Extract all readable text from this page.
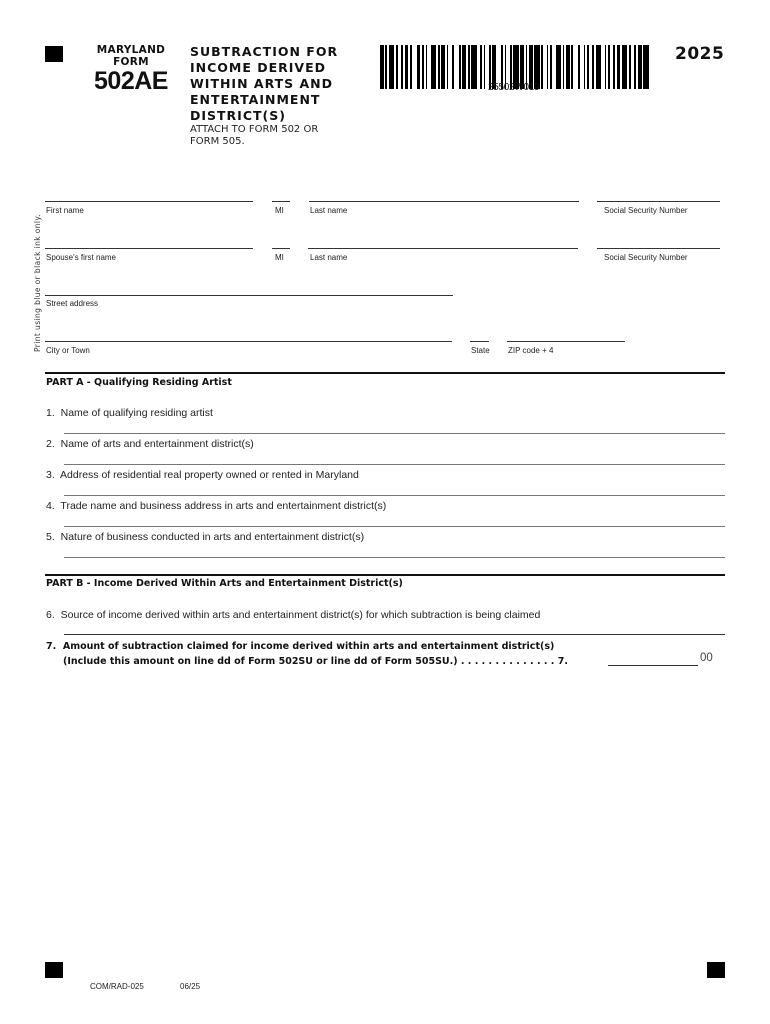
MARYLAND
FORM
502AE
SUBTRACTION FOR
INCOME DERIVED
WITHIN ARTS AND
ENTERTAINMENT
DISTRICT(S)
ATTACH TO FORM 502 OR
FORM 505.
25502W019
2025
Print using blue or black ink only.
First name	MI	Last name	Social Security Number
Spouse's first name	MI	Last name	Social Security Number
Street address
City or Town	State ZIP code + 4
PART A - Qualifying Residing Artist
1. Name of qualifying residing artist
2. Name of arts and entertainment district(s)
3. Address of residential real property owned or rented in Maryland
4. Trade name and business address in arts and entertainment district(s)
5. Nature of business conducted in arts and entertainment district(s)
PART B - Income Derived Within Arts and Entertainment District(s)
6. Source of income derived within arts and entertainment district(s) for which subtraction is being claimed
7. Amount of subtraction claimed for income derived within arts and entertainment district(s)
(Include this amount on line dd of Form 502SU or line dd of Form 505SU.) . . . . . . . . . . . . . . 7.	00
COM/RAD-025	06/25
